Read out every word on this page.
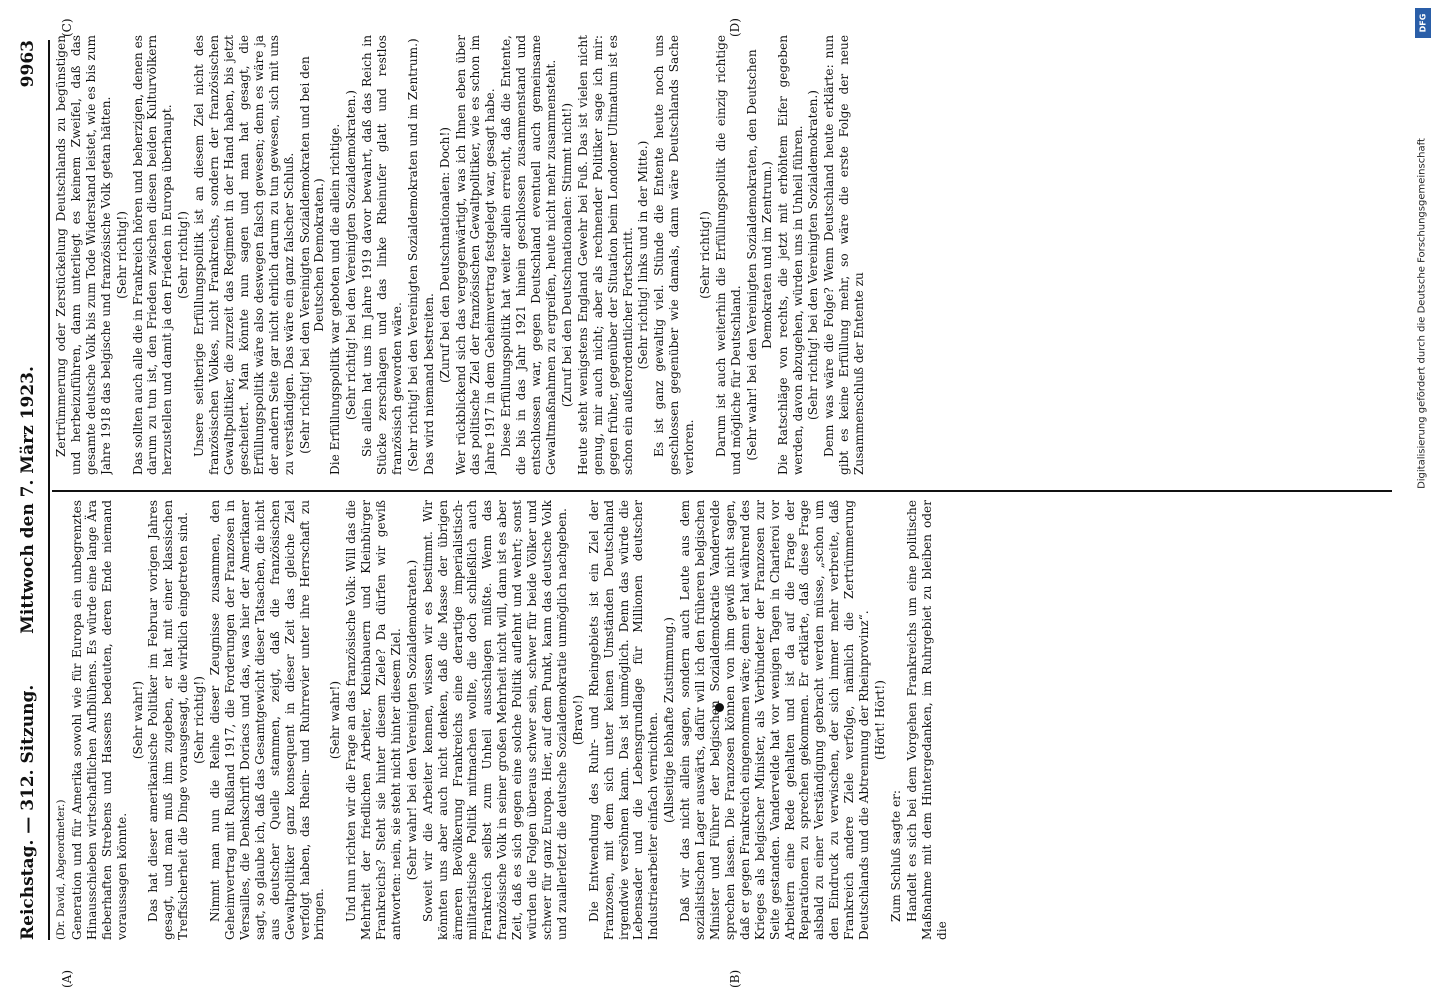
Reichstag. — 312. Sitzung.
Mittwoch den 7. März 1923.
9963
(A)	(B)
(C)	(D)

(Dr. David, Abgeordneter.) Generation und für Amerika sowohl wie für Europa ein unbegrenztes Hinausschieben wirtschaftlichen Aufblühens. Es würde eine lange Ära fieberhaften Strebens und Hassens bedeuten, deren Ende niemand voraussagen könnte.

(Sehr wahr!) Das hat dieser amerikanische Politiker im Februar vorigen Jahres gesagt, und man muß ihm zugeben, er hat mit einer klassischen Treffsicherheit die Dinge vorausgesagt, die wirklich eingetreten sind. (Sehr richtig!) Nimmt man nun die Reihe dieser Zeugnisse zusammen, den Geheimvertrag mit Rußland 1917, die Forderungen der Franzosen in Versailles, die Denkschrift Doriacs und das, was hier der Amerikaner sagt, so glaube ich, daß das Gesamtgewicht dieser Tatsachen, die nicht aus deutscher Quelle stammen, zeigt, daß die französischen Gewaltpolitiker ganz konsequent in dieser Zeit das gleiche Ziel verfolgt haben, das Rhein- und Ruhrrevier unter ihre Herrschaft zu bringen.

(Sehr wahr!) Und nun richten wir die Frage an das französische Volk: Will das die Mehrheit der friedlichen Arbeiter, Kleinbauern und Kleinbürger Frankreichs? Steht sie hinter diesem Ziele? Da dürfen wir gewiß antworten: nein, sie steht nicht hinter diesem Ziel. (Sehr wahr! bei den Vereinigten Sozialdemokraten.) Soweit wir die Arbeiter kennen, wissen wir es bestimmt. Wir könnten uns aber auch nicht denken, daß die Masse der übrigen ärmeren Bevölkerung Frankreichs eine derartige imperialistisch-militaristische Politik mitmachen wollte, die doch schließlich auch Frankreich selbst zum Unheil ausschlagen müßte. Wenn das französische Volk in seiner großen Mehrheit nicht will, dann ist es aber Zeit, daß es sich gegen eine solche Politik auflehnt und wehrt; sonst würden die Folgen überaus schwer sein, schwer für beide Völker und schwer für ganz Europa. Hier, auf dem Punkt, kann das deutsche Volk und zuallerletzt die deutsche Sozialdemokratie unmöglich nachgeben. (Bravo!) Die Entwendung des Ruhr- und Rheingebiets ist ein Ziel der Franzosen, mit dem sich unter keinen Umständen Deutschland irgendwie versöhnen kann. Das ist unmöglich. Denn das würde die Lebensader und die Lebensgrundlage für Millionen deutscher Industriearbeiter einfach vernichten. (Allseitige lebhafte Zustimmung.) Daß wir das nicht allein sagen, sondern auch Leute aus dem sozialistischen Lager auswärts, dafür will ich den früheren belgischen Minister und Führer der belgischen Sozialdemokratie Vandervelde sprechen lassen. Die Franzosen können von ihm gewiß nicht sagen, daß er gegen Frankreich eingenommen wäre; denn er hat während des Krieges als belgischer Minister, als Verbündeter der Franzosen zur Seite gestanden. Vandervelde hat vor wenigen Tagen in Charleroi vor Arbeitern eine Rede gehalten und ist da auf die Frage der Reparationen zu sprechen gekommen. Er erklärte, daß diese Frage alsbald zu einer Verständigung gebracht werden müsse, „schon um den Eindruck zu verwischen, der sich immer mehr verbreite, daß Frankreich andere Ziele verfolge, nämlich die Zertrümmerung Deutschlands und die Abtrennung der Rheinprovinz“. (Hört! Hört!)

Zum Schluß sagte er: Handelt es sich bei dem Vorgehen Frankreichs um eine politische Maßnahme mit dem Hintergedanken, im Ruhrgebiet zu bleiben oder die

Zertrümmerung oder Zerstückelung Deutschlands zu begünstigen und herbeizuführen, dann unterliegt es keinem Zweifel, daß das gesamte deutsche Volk bis zum Tode Widerstand leistet, wie es bis zum Jahre 1918 das belgische und französische Volk getan hätten. (Sehr richtig!) Das sollten auch alle die in Frankreich hören und beherzigen, denen es darum zu tun ist, den Frieden zwischen diesen beiden Kulturvölkern herzustellen und damit ja den Frieden in Europa überhaupt. (Sehr richtig!) Unsere seitherige Erfüllungspolitik ist an diesem Ziel nicht des französischen Volkes, nicht Frankreichs, sondern der französischen Gewaltpolitiker, die zurzeit das Regiment in der Hand haben, bis jetzt gescheitert. Man könnte nun sagen und man hat gesagt, die Erfüllungspolitik wäre also deswegen falsch gewesen; denn es wäre ja der andern Seite gar nicht ehrlich darum zu tun gewesen, sich mit uns zu verständigen. Das wäre ein ganz falscher Schluß. (Sehr richtig! bei den Vereinigten Sozialdemokraten und bei den Deutschen Demokraten.) Die Erfüllungspolitik war geboten und die allein richtige. (Sehr richtig! bei den Vereinigten Sozialdemokraten.) Sie allein hat uns im Jahre 1919 davor bewahrt, daß das Reich in Stücke zerschlagen und das linke Rheinufer glatt und restlos französisch geworden wäre. (Sehr richtig! bei den Vereinigten Sozialdemokraten und im Zentrum.) Das wird niemand bestreiten.

(Zuruf bei den Deutschnationalen: Doch!) Wer rückblickend sich das vergegenwärtigt, was ich Ihnen eben über das politische Ziel der französischen Gewaltpolitiker, wie es schon im Jahre 1917 in dem Geheimvertrag festgelegt war, gesagt habe. Diese Erfüllungspolitik hat weiter allein erreicht, daß die Entente, die bis in das Jahr 1921 hinein geschlossen zusammenstand und entschlossen war, gegen Deutschland eventuell auch gemeinsame Gewaltmaßnahmen zu ergreifen, heute nicht mehr zusammensteht. (Zuruf bei den Deutschnationalen: Stimmt nicht!) Heute steht wenigstens England Gewehr bei Fuß. Das ist vielen nicht genug, mir auch nicht; aber als rechnender Politiker sage ich mir: gegen früher, gegenüber der Situation beim Londoner Ultimatum ist es schon ein außerordentlicher Fortschritt. (Sehr richtig! links und in der Mitte.) Es ist ganz gewaltig viel. Stünde die Entente heute noch uns geschlossen gegenüber wie damals, dann wäre Deutschlands Sache verloren.

(Sehr richtig!) Darum ist auch weiterhin die Erfüllungspolitik die einzig richtige und mögliche für Deutschland. (Sehr wahr! bei den Vereinigten Sozialdemokraten, den Deutschen Demokraten und im Zentrum.) Die Ratschläge von rechts, die jetzt mit erhöhtem Eifer gegeben werden, davon abzugehen, würden uns in Unheil führen. (Sehr richtig! bei den Vereinigten Sozialdemokraten.) Denn was wäre die Folge? Wenn Deutschland heute erklärte: nun gibt es keine Erfüllung mehr, so wäre die erste Folge der neue Zusammenschluß der Entente zu

DFG
Digitalisierung gefördert durch die Deutsche Forschungsgemeinschaft
